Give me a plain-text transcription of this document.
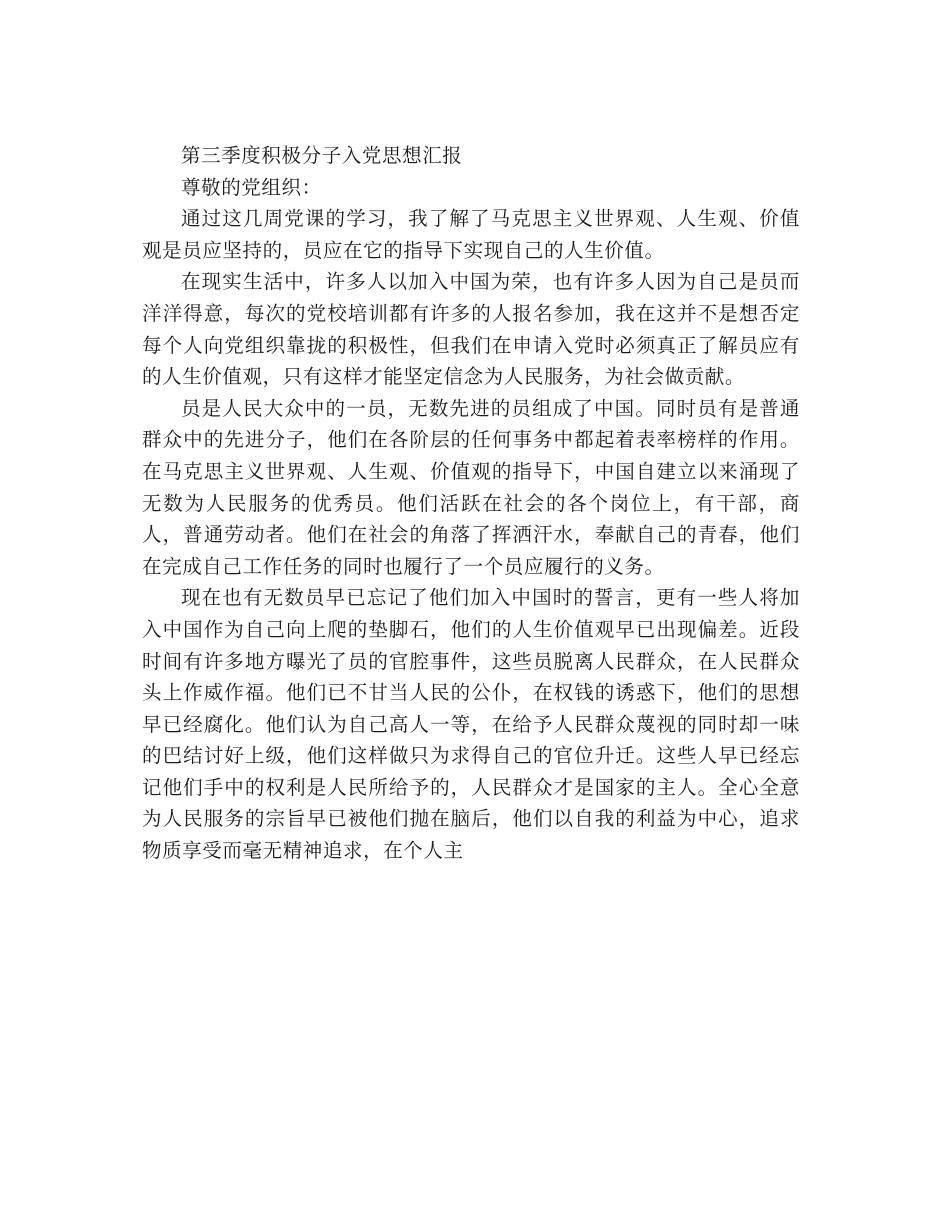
第三季度积极分子入党思想汇报

尊敬的党组织：

通过这几周党课的学习，我了解了马克思主义世界观、人生观、价值观是员应坚持的，员应在它的指导下实现自己的人生价值。

在现实生活中，许多人以加入中国为荣，也有许多人因为自己是员而洋洋得意，每次的党校培训都有许多的人报名参加，我在这并不是想否定每个人向党组织靠拢的积极性，但我们在申请入党时必须真正了解员应有的人生价值观，只有这样才能坚定信念为人民服务，为社会做贡献。

员是人民大众中的一员，无数先进的员组成了中国。同时员有是普通群众中的先进分子，他们在各阶层的任何事务中都起着表率榜样的作用。在马克思主义世界观、人生观、价值观的指导下，中国自建立以来涌现了无数为人民服务的优秀员。他们活跃在社会的各个岗位上，有干部，商人，普通劳动者。他们在社会的角落了挥洒汗水，奉献自己的青春，他们在完成自己工作任务的同时也履行了一个员应履行的义务。

现在也有无数员早已忘记了他们加入中国时的誓言，更有一些人将加入中国作为自己向上爬的垫脚石，他们的人生价值观早已出现偏差。近段时间有许多地方曝光了员的官腔事件，这些员脱离人民群众，在人民群众头上作威作福。他们已不甘当人民的公仆，在权钱的诱惑下，他们的思想早已经腐化。他们认为自己高人一等，在给予人民群众蔑视的同时却一味的巴结讨好上级，他们这样做只为求得自己的官位升迁。这些人早已经忘记他们手中的权利是人民所给予的，人民群众才是国家的主人。全心全意为人民服务的宗旨早已被他们抛在脑后，他们以自我的利益为中心，追求物质享受而毫无精神追求，在个人主
